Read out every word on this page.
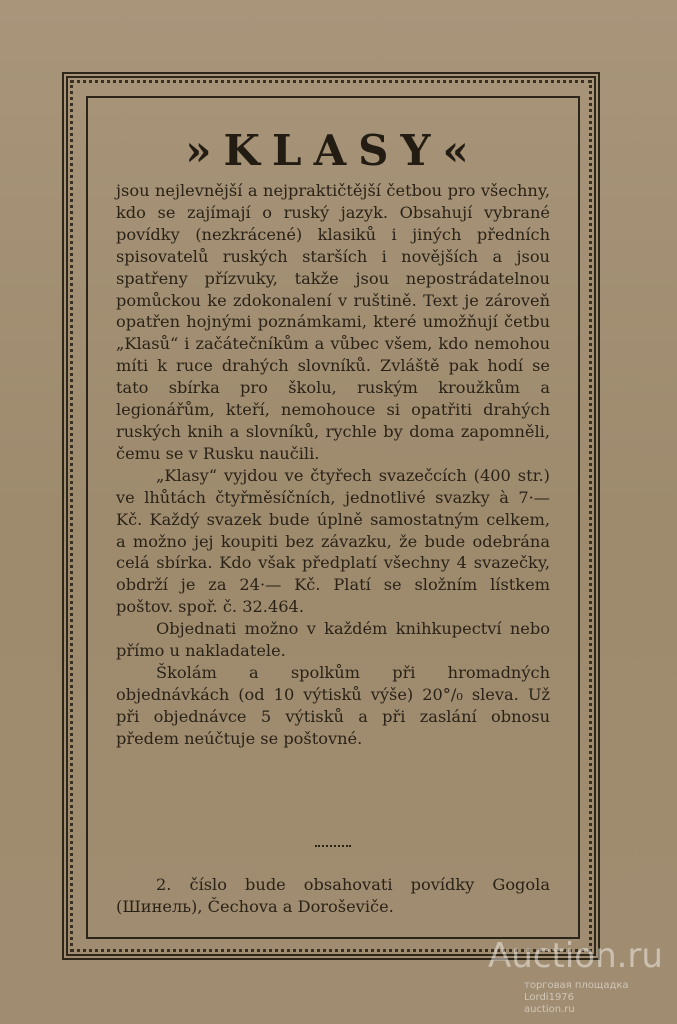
»KLASY«

jsou nejlevnější a nejpraktičtější četbou pro všechny, kdo se zajímají o ruský jazyk. Obsahují vybrané povídky (nezkrácené) klasiků i jiných předních spisovatelů ruských starších i novějších a jsou spatřeny přízvuky, takže jsou nepostrádatelnou pomůckou ke zdokonalení v ruštině. Text je zároveň opatřen hojnými poznámkami, které umožňují četbu „Klasů“ i začátečníkům a vůbec všem, kdo nemohou míti k ruce drahých slovníků. Zvláště pak hodí se tato sbírka pro školu, ruským kroužkům a legionářům, kteří, nemohouce si opatřiti drahých ruských knih a slovníků, rychle by doma zapomněli, čemu se v Rusku naučili.

„Klasy“ vyjdou ve čtyřech svazečcích (400 str.) ve lhůtách čtyřměsíčních, jednotlivé svazky à 7·— Kč. Každý svazek bude úplně samostatným celkem, a možno jej koupiti bez závazku, že bude odebrána celá sbírka. Kdo však předplatí všechny 4 svazečky, obdrží je za 24·— Kč. Platí se složním lístkem poštov. spoř. č. 32.464.

Objednati možno v každém knihkupectví nebo přímo u nakladatele.

Školám a spolkům při hromadných objednávkách (od 10 výtisků výše) 20°/₀ sleva. Už při objednávce 5 výtisků a při zaslání obnosu předem neúčtuje se poštovné.

2. číslo bude obsahovati povídky Gogola (Шинель), Čechova a Doroševiče.

Auction.ru
торговая площадка
Lordi1976
auction.ru
